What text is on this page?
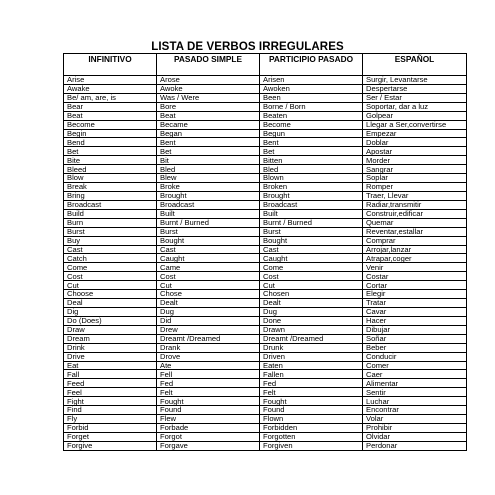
LISTA DE VERBOS IRREGULARES
INFINITIVO	PASADO SIMPLE	PARTICIPIO PASADO	ESPAÑOL
Arise	Arose	Arisen	Surgir, Levantarse
Awake	Awoke	Awoken	Despertarse
Be/ am, are, is	Was / Were	Been	Ser / Estar
Bear	Bore	Borne / Born	Soportar, dar a luz
Beat	Beat	Beaten	Golpear
Become	Became	Become	Llegar a Ser,convertirse
Begin	Began	Begun	Empezar
Bend	Bent	Bent	Doblar
Bet	Bet	Bet	Apostar
Bite	Bit	Bitten	Morder
Bleed	Bled	Bled	Sangrar
Blow	Blew	Blown	Soplar
Break	Broke	Broken	Romper
Bring	Brought	Brought	Traer, Llevar
Broadcast	Broadcast	Broadcast	Radiar,transmitir
Build	Built	Built	Construir,edificar
Burn	Burnt / Burned	Burnt / Burned	Quemar
Burst	Burst	Burst	Reventar,estallar
Buy	Bought	Bought	Comprar
Cast	Cast	Cast	Arrojar,lanzar
Catch	Caught	Caught	Atrapar,coger
Come	Came	Come	Venir
Cost	Cost	Cost	Costar
Cut	Cut	Cut	Cortar
Choose	Chose	Chosen	Elegir
Deal	Dealt	Dealt	Tratar
Dig	Dug	Dug	Cavar
Do (Does)	Did	Done	Hacer
Draw	Drew	Drawn	Dibujar
Dream	Dreamt /Dreamed	Dreamt /Dreamed	Soñar
Drink	Drank	Drunk	Beber
Drive	Drove	Driven	Conducir
Eat	Ate	Eaten	Comer
Fall	Fell	Fallen	Caer
Feed	Fed	Fed	Alimentar
Feel	Felt	Felt	Sentir
Fight	Fought	Fought	Luchar
Find	Found	Found	Encontrar
Fly	Flew	Flown	Volar
Forbid	Forbade	Forbidden	Prohibir
Forget	Forgot	Forgotten	Olvidar
Forgive	Forgave	Forgiven	Perdonar
